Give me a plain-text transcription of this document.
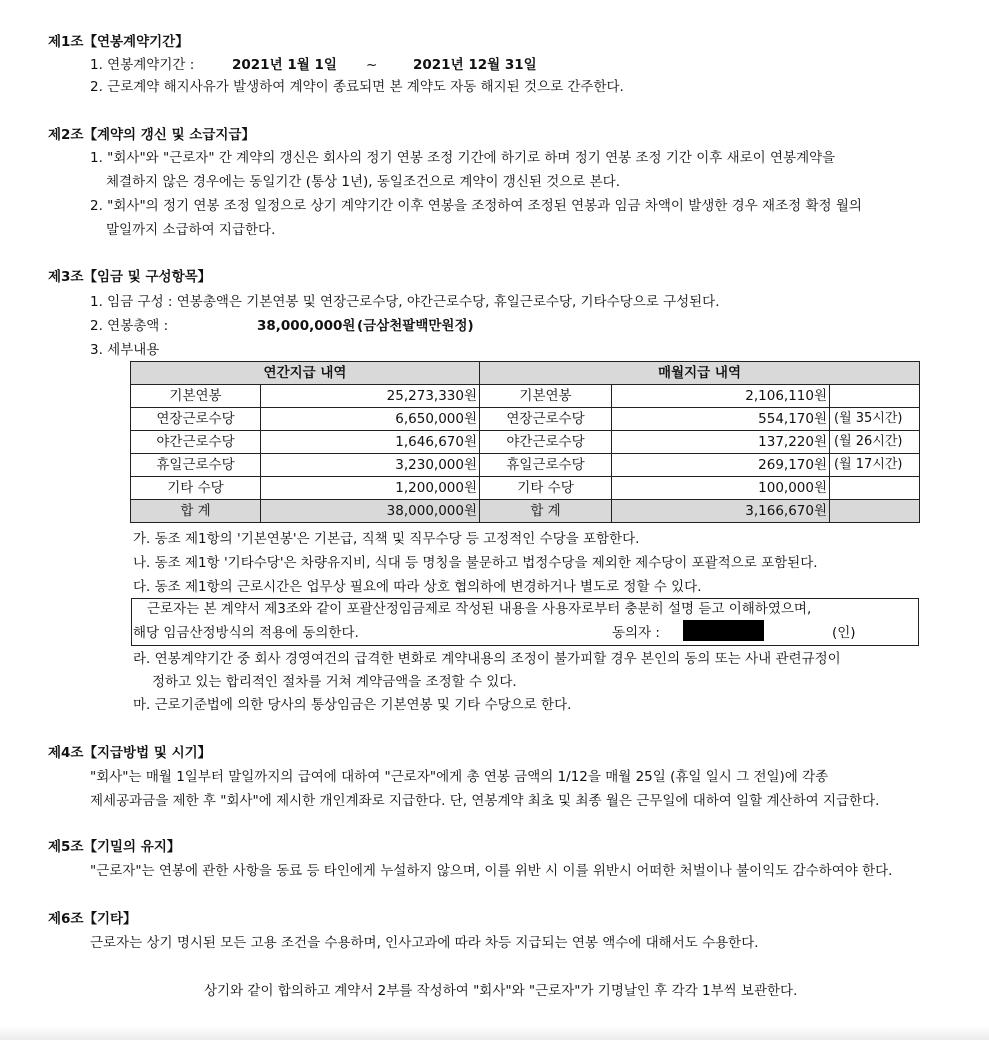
제1조【연봉계약기간】
1. 연봉계약기간 :	2021년 1월 1일 ~	2021년 12월 31일
2. 근로계약 해지사유가 발생하여 계약이 종료되면 본 계약도 자동 해지된 것으로 간주한다.
제2조【계약의 갱신 및 소급지급】
1. "회사"와 "근로자" 간 계약의 갱신은 회사의 정기 연봉 조정 기간에 하기로 하며 정기 연봉 조정 기간 이후 새로이 연봉계약을
체결하지 않은 경우에는 동일기간 (통상 1년), 동일조건으로 계약이 갱신된 것으로 본다.
2. "회사"의 정기 연봉 조정 일정으로 상기 계약기간 이후 연봉을 조정하여 조정된 연봉과 임금 차액이 발생한 경우 재조정 확정 월의
말일까지 소급하여 지급한다.
제3조【임금 및 구성항목】
1. 임금 구성 : 연봉총액은 기본연봉 및 연장근로수당, 야간근로수당, 휴일근로수당, 기타수당으로 구성된다.
2. 연봉총액 :	38,000,000원 (금삼천팔백만원정)
3. 세부내용
연간지급 내역		매월지급 내역		
기본연봉	25,273,330원	기본연봉	2,106,110원	
연장근로수당	6,650,000원	연장근로수당	554,170원	(월 35시간)
야간근로수당	1,646,670원	야간근로수당	137,220원	(월 26시간)
휴일근로수당	3,230,000원	휴일근로수당	269,170원	(월 17시간)
기타 수당	1,200,000원	기타 수당	100,000원	
합 계	38,000,000원	합 계	3,166,670원	
가. 동조 제1항의 '기본연봉'은 기본급, 직책 및 직무수당 등 고정적인 수당을 포함한다.
나. 동조 제1항 '기타수당'은 차량유지비, 식대 등 명칭을 불문하고 법정수당을 제외한 제수당이 포괄적으로 포함된다.
다. 동조 제1항의 근로시간은 업무상 필요에 따라 상호 협의하에 변경하거나 별도로 정할 수 있다.
근로자는 본 계약서 제3조와 같이 포괄산정임금제로 작성된 내용을 사용자로부터 충분히 설명 듣고 이해하였으며,
해당 임금산정방식의 적용에 동의한다.	동의자 :	(인)
라. 연봉계약기간 중 회사 경영여건의 급격한 변화로 계약내용의 조정이 불가피할 경우 본인의 동의 또는 사내 관련규정이
정하고 있는 합리적인 절차를 거쳐 계약금액을 조정할 수 있다.
마. 근로기준법에 의한 당사의 통상임금은 기본연봉 및 기타 수당으로 한다.
제4조【지급방법 및 시기】
"회사"는 매월 1일부터 말일까지의 급여에 대하여 "근로자"에게 총 연봉 금액의 1/12을 매월 25일 (휴일 일시 그 전일)에 각종
제세공과금을 제한 후 "회사"에 제시한 개인계좌로 지급한다. 단, 연봉계약 최초 및 최종 월은 근무일에 대하여 일할 계산하여 지급한다.
제5조【기밀의 유지】
"근로자"는 연봉에 관한 사항을 동료 등 타인에게 누설하지 않으며, 이를 위반 시 이를 위반시 어떠한 처벌이나 불이익도 감수하여야 한다.
제6조【기타】
근로자는 상기 명시된 모든 고용 조건을 수용하며, 인사고과에 따라 차등 지급되는 연봉 액수에 대해서도 수용한다.
상기와 같이 합의하고 계약서 2부를 작성하여 "회사"와 "근로자"가 기명날인 후 각각 1부씩 보관한다.
